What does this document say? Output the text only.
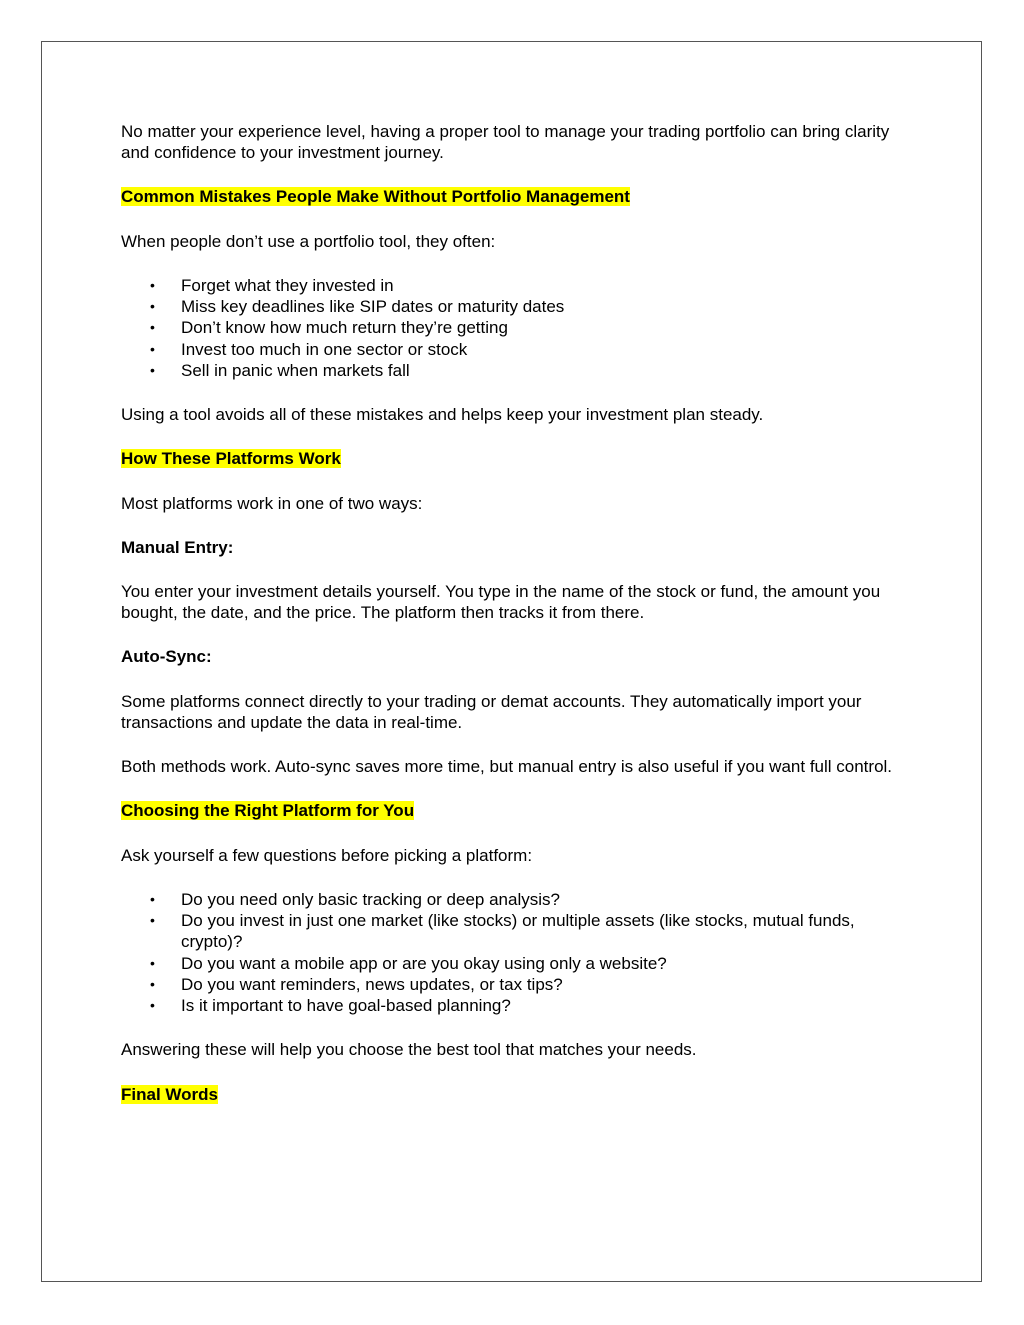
No matter your experience level, having a proper tool to manage your trading portfolio can bring clarity and confidence to your investment journey.

Common Mistakes People Make Without Portfolio Management

When people don’t use a portfolio tool, they often:

• Forget what they invested in
• Miss key deadlines like SIP dates or maturity dates
• Don’t know how much return they’re getting
• Invest too much in one sector or stock
• Sell in panic when markets fall

Using a tool avoids all of these mistakes and helps keep your investment plan steady.

How These Platforms Work

Most platforms work in one of two ways:

Manual Entry:

You enter your investment details yourself. You type in the name of the stock or fund, the amount you bought, the date, and the price. The platform then tracks it from there.

Auto-Sync:

Some platforms connect directly to your trading or demat accounts. They automatically import your transactions and update the data in real-time.

Both methods work. Auto-sync saves more time, but manual entry is also useful if you want full control.

Choosing the Right Platform for You

Ask yourself a few questions before picking a platform:

• Do you need only basic tracking or deep analysis?
• Do you invest in just one market (like stocks) or multiple assets (like stocks, mutual funds, crypto)?
• Do you want a mobile app or are you okay using only a website?
• Do you want reminders, news updates, or tax tips?
• Is it important to have goal-based planning?

Answering these will help you choose the best tool that matches your needs.

Final Words
